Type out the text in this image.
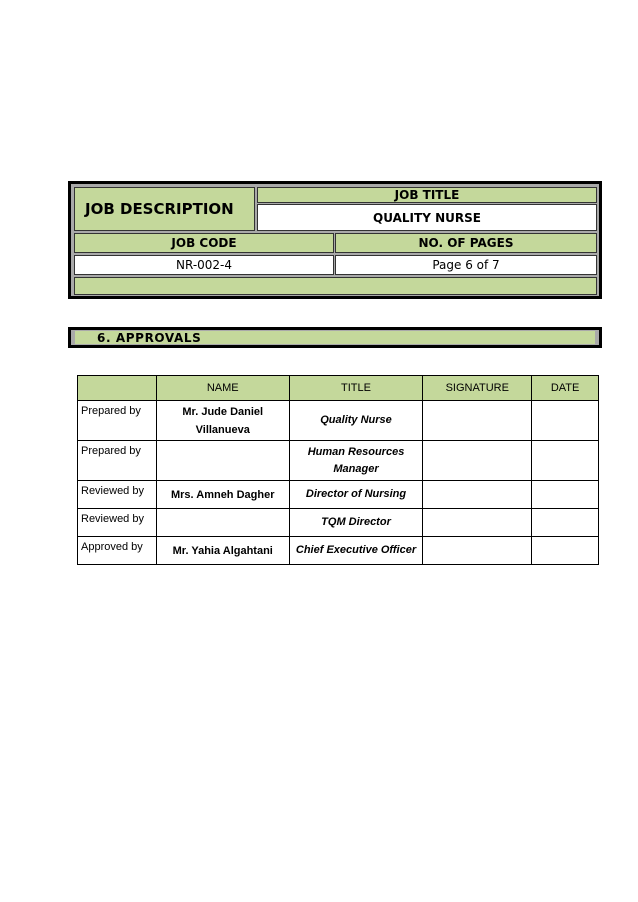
JOB DESCRIPTION
JOB TITLE
QUALITY NURSE
JOB CODE	NO. OF PAGES
NR-002-4	Page 6 of 7
6. APPROVALS
	NAME	TITLE	SIGNATURE	DATE
Prepared by	Mr. Jude Daniel Villanueva	Quality Nurse		
Prepared by		Human Resources Manager		
Reviewed by	Mrs. Amneh Dagher	Director of Nursing		
Reviewed by		TQM Director		
Approved by	Mr. Yahia Algahtani	Chief Executive Officer		
